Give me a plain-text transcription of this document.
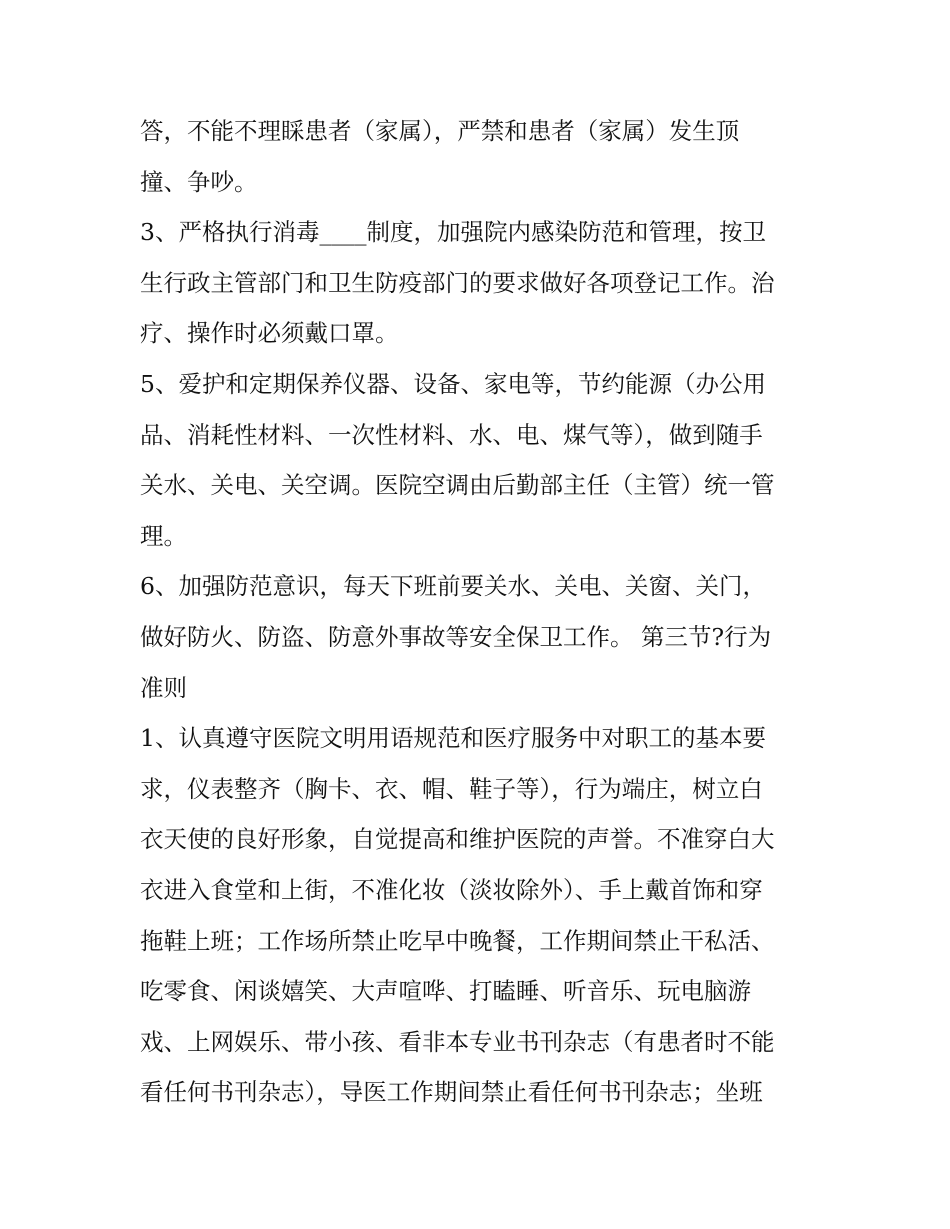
答，不能不理睬患者（家属），严禁和患者（家属）发生顶
撞、争吵。
3、严格执行消毒____制度，加强院内感染防范和管理，按卫
生行政主管部门和卫生防疫部门的要求做好各项登记工作。治
疗、操作时必须戴口罩。
5、爱护和定期保养仪器、设备、家电等，节约能源（办公用
品、消耗性材料、一次性材料、水、电、煤气等），做到随手
关水、关电、关空调。医院空调由后勤部主任（主管）统一管
理。
6、加强防范意识，每天下班前要关水、关电、关窗、关门，
做好防火、防盗、防意外事故等安全保卫工作。 第三节?行为
准则
1、认真遵守医院文明用语规范和医疗服务中对职工的基本要
求，仪表整齐（胸卡、衣、帽、鞋子等），行为端庄，树立白
衣天使的良好形象，自觉提高和维护医院的声誉。不准穿白大
衣进入食堂和上街，不准化妆（淡妆除外）、手上戴首饰和穿
拖鞋上班；工作场所禁止吃早中晚餐，工作期间禁止干私活、
吃零食、闲谈嬉笑、大声喧哗、打瞌睡、听音乐、玩电脑游
戏、上网娱乐、带小孩、看非本专业书刊杂志（有患者时不能
看任何书刊杂志），导医工作期间禁止看任何书刊杂志；坐班
